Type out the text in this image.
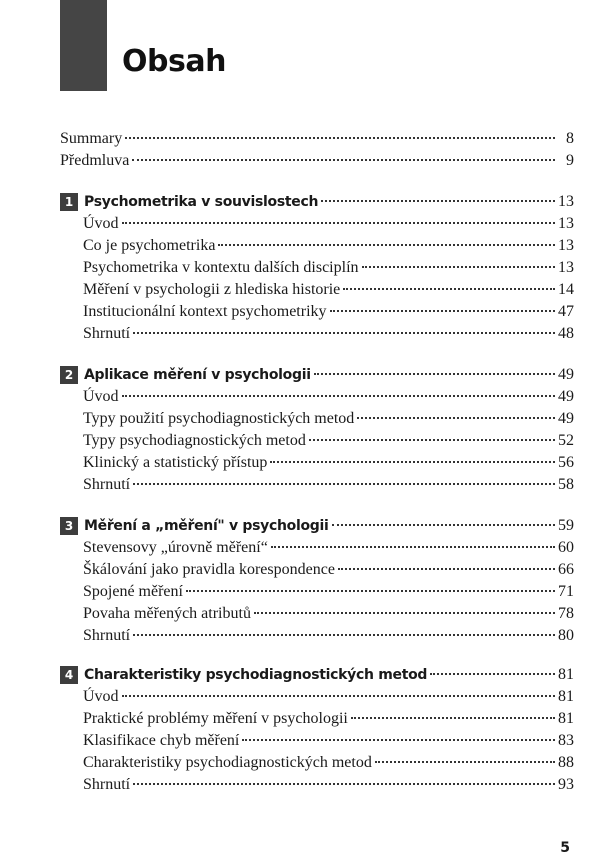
Obsah
Summary	8
Předmluva	9
1 Psychometrika v souvislostech	13
Úvod	13
Co je psychometrika	13
Psychometrika v kontextu dalších disciplín	13
Měření v psychologii z hlediska historie	14
Institucionální kontext psychometriky	47
Shrnutí	48
2 Aplikace měření v psychologii	49
Úvod	49
Typy použití psychodiagnostických metod	49
Typy psychodiagnostických metod	52
Klinický a statistický přístup	56
Shrnutí	58
3 Měření a „měření" v psychologii	59
Stevensovy „úrovně měření“	60
Škálování jako pravidla korespondence	66
Spojené měření	71
Povaha měřených atributů	78
Shrnutí	80
4 Charakteristiky psychodiagnostických metod	81
Úvod	81
Praktické problémy měření v psychologii	81
Klasifikace chyb měření	83
Charakteristiky psychodiagnostických metod	88
Shrnutí	93
5
